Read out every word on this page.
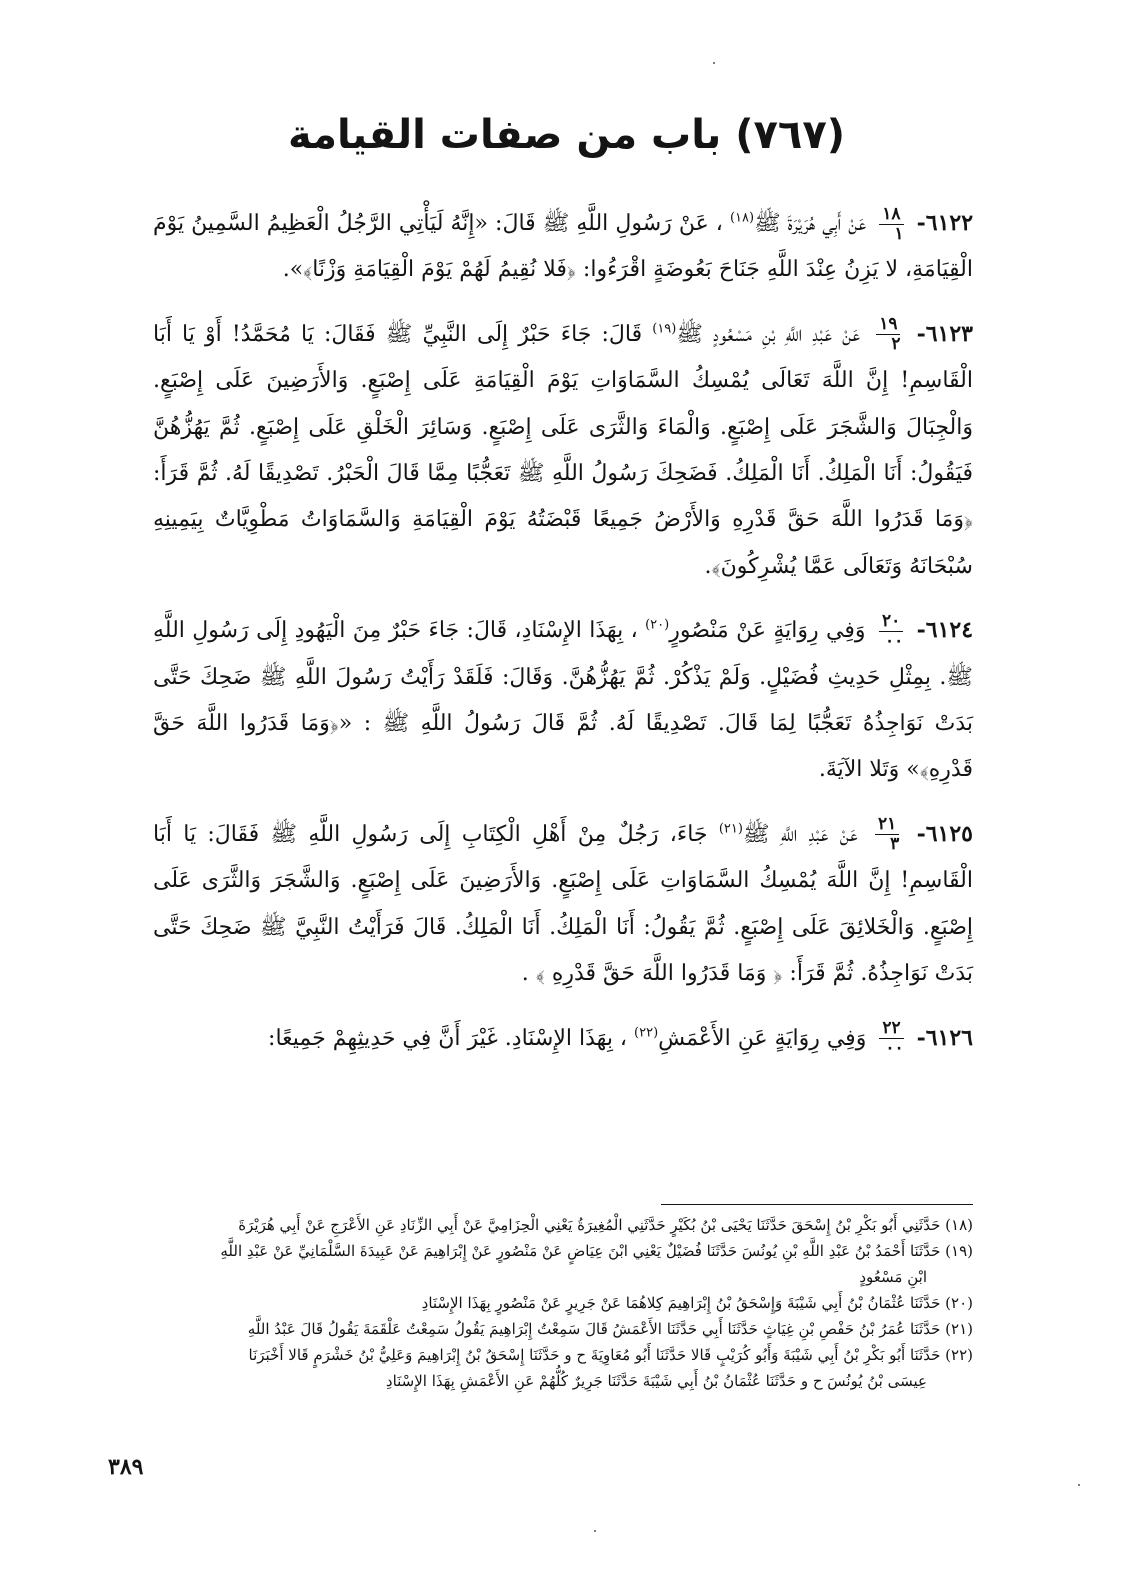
(٧٦٧) باب من صفات القيامة

٦١٢٢-
$\frac{١٨}{١}$
عَنْ أَبِي هُرَيْرَةَ ﷺ$^{(١٨)}$ ، عَنْ رَسُولِ اللَّهِ ﷺ قَالَ: «إِنَّهُ لَيَأْتِي الرَّجُلُ الْعَظِيمُ السَّمِينُ يَوْمَ الْقِيَامَةِ، لا يَزِنُ عِنْدَ اللَّهِ جَنَاحَ بَعُوضَةٍ اقْرَءُوا: ﴿فَلا نُقِيمُ لَهُمْ يَوْمَ الْقِيَامَةِ وَزْنًا﴾».

٦١٢٣-
$\frac{١٩}{٢}$
عَنْ عَبْدِ اللَّهِ بْنِ مَسْعُودٍ ﷺ$^{(١٩)}$ قَالَ: جَاءَ حَبْرٌ إِلَى النَّبِيِّ ﷺ فَقَالَ: يَا مُحَمَّدُ! أَوْ يَا أَبَا الْقَاسِمِ! إِنَّ اللَّهَ تَعَالَى يُمْسِكُ السَّمَاوَاتِ يَوْمَ الْقِيَامَةِ عَلَى إِصْبَعٍ. وَالأَرَضِينَ عَلَى إِصْبَعٍ. وَالْجِبَالَ وَالشَّجَرَ عَلَى إِصْبَعٍ. وَالْمَاءَ وَالثَّرَى عَلَى إِصْبَعٍ. وَسَائِرَ الْخَلْقِ عَلَى إِصْبَعٍ. ثُمَّ يَهُزُّهُنَّ فَيَقُولُ: أَنَا الْمَلِكُ. أَنَا الْمَلِكُ. فَضَحِكَ رَسُولُ اللَّهِ ﷺ تَعَجُّبًا مِمَّا قَالَ الْحَبْرُ. تَصْدِيقًا لَهُ. ثُمَّ قَرَأَ: ﴿وَمَا قَدَرُوا اللَّهَ حَقَّ قَدْرِهِ وَالأَرْضُ جَمِيعًا قَبْضَتُهُ يَوْمَ الْقِيَامَةِ وَالسَّمَاوَاتُ مَطْوِيَّاتٌ بِيَمِينِهِ سُبْحَانَهُ وَتَعَالَى عَمَّا يُشْرِكُونَ﴾.

٦١٢٤-
$\frac{٢٠}{٠٠}$
وَفِي رِوَايَةٍ عَنْ مَنْصُورٍ$^{(٢٠)}$ ، بِهَذَا الإِسْنَادِ، قَالَ: جَاءَ حَبْرٌ مِنَ الْيَهُودِ إِلَى رَسُولِ اللَّهِ ﷺ. بِمِثْلِ حَدِيثِ فُضَيْلٍ. وَلَمْ يَذْكُرْ. ثُمَّ يَهُزُّهُنَّ. وَقَالَ: فَلَقَدْ رَأَيْتُ رَسُولَ اللَّهِ ﷺ ضَحِكَ حَتَّى بَدَتْ نَوَاجِذُهُ تَعَجُّبًا لِمَا قَالَ. تَصْدِيقًا لَهُ. ثُمَّ قَالَ رَسُولُ اللَّهِ ﷺ : «﴿وَمَا قَدَرُوا اللَّهَ حَقَّ قَدْرِهِ﴾» وَتَلا الآيَةَ.

٦١٢٥-
$\frac{٢١}{٣}$
عَنْ عَبْدِ اللَّهِ ﷺ$^{(٢١)}$ جَاءَ، رَجُلٌ مِنْ أَهْلِ الْكِتَابِ إِلَى رَسُولِ اللَّهِ ﷺ فَقَالَ: يَا أَبَا الْقَاسِمِ! إِنَّ اللَّهَ يُمْسِكُ السَّمَاوَاتِ عَلَى إِصْبَعٍ. وَالأَرَضِينَ عَلَى إِصْبَعٍ. وَالشَّجَرَ وَالثَّرَى عَلَى إِصْبَعٍ. وَالْخَلائِقَ عَلَى إِصْبَعٍ. ثُمَّ يَقُولُ: أَنَا الْمَلِكُ. أَنَا الْمَلِكُ. قَالَ فَرَأَيْتُ النَّبِيَّ ﷺ ضَحِكَ حَتَّى بَدَتْ نَوَاجِذُهُ. ثُمَّ قَرَأَ: ﴿ وَمَا قَدَرُوا اللَّهَ حَقَّ قَدْرِهِ ﴾ .

٦١٢٦-
$\frac{٢٢}{٠٠}$
وَفِي رِوَايَةٍ عَنِ الأَعْمَشِ$^{(٢٢)}$ ، بِهَذَا الإِسْنَادِ. غَيْرَ أَنَّ فِي حَدِيثِهِمْ جَمِيعًا:

(١٨) حَدَّثَنِي أَبُو بَكْرِ بْنُ إِسْحَقَ حَدَّثَنَا يَحْيَى بْنُ بُكَيْرٍ حَدَّثَنِي الْمُغِيرَةُ يَعْنِي الْحِزَامِيَّ عَنْ أَبِي الزِّنَادِ عَنِ الأَعْرَجِ عَنْ أَبِي هُرَيْرَةَ

(١٩) حَدَّثَنَا أَحْمَدُ بْنُ عَبْدِ اللَّهِ بْنِ يُونُسَ حَدَّثَنَا فُضَيْلٌ يَعْنِي ابْنَ عِيَاضٍ عَنْ مَنْصُورٍ عَنْ إِبْرَاهِيمَ عَنْ عَبِيدَةَ السَّلْمَانِيِّ عَنْ عَبْدِ اللَّهِ

ابْنِ مَسْعُودٍ

(٢٠) حَدَّثَنَا عُثْمَانُ بْنُ أَبِي شَيْبَةَ وَإِسْحَقُ بْنُ إِبْرَاهِيمَ كِلاهُمَا عَنْ جَرِيرٍ عَنْ مَنْصُورٍ بِهَذَا الإِسْنَادِ

(٢١) حَدَّثَنَا عُمَرُ بْنُ حَفْصِ بْنِ غِيَاثٍ حَدَّثَنَا أَبِي حَدَّثَنَا الأَعْمَشُ قَالَ سَمِعْتُ إِبْرَاهِيمَ يَقُولُ سَمِعْتُ عَلْقَمَةَ يَقُولُ قَالَ عَبْدُ اللَّهِ

(٢٢) حَدَّثَنَا أَبُو بَكْرِ بْنُ أَبِي شَيْبَةَ وَأَبُو كُرَيْبٍ قَالا حَدَّثَنَا أَبُو مُعَاوِيَةَ ح و حَدَّثَنَا إِسْحَقُ بْنُ إِبْرَاهِيمَ وَعَلِيُّ بْنُ خَشْرَمٍ قَالا أَخْبَرَنَا

عِيسَى بْنُ يُونُسَ ح و حَدَّثَنَا عُثْمَانُ بْنُ أَبِي شَيْبَةَ حَدَّثَنَا جَرِيرٌ كُلُّهُمْ عَنِ الأَعْمَشِ بِهَذَا الإِسْنَادِ

٣٨٩
